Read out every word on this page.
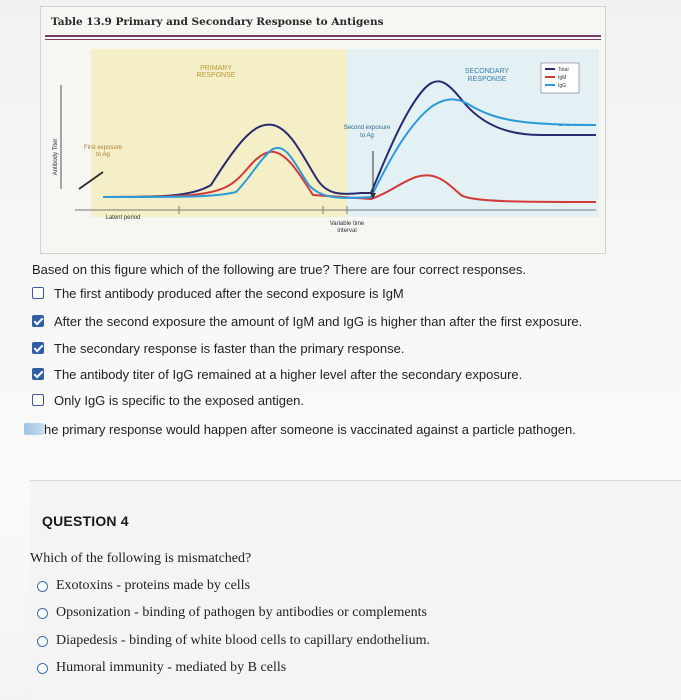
Table 13.9 Primary and Secondary Response to Antigens
Antibody Titer
PRIMARY
RESPONSE
SECONDARY
RESPONSE
First exposure
to Ag
Second exposure
to Ag
Latent period
Variable time
interval
Total
IgM
IgG
Based on this figure which of the following are true? There are four correct responses.
The first antibody produced after the second exposure is IgM
After the second exposure the amount of IgM and IgG is higher than after the first exposure.
The secondary response is faster than the primary response.
The antibody titer of IgG remained at a higher level after the secondary exposure.
Only IgG is specific to the exposed antigen.
he primary response would happen after someone is vaccinated against a particle pathogen.
QUESTION 4
Which of the following is mismatched?
Exotoxins - proteins made by cells
Opsonization - binding of pathogen by antibodies or complements
Diapedesis - binding of white blood cells to capillary endothelium.
Humoral immunity - mediated by B cells
